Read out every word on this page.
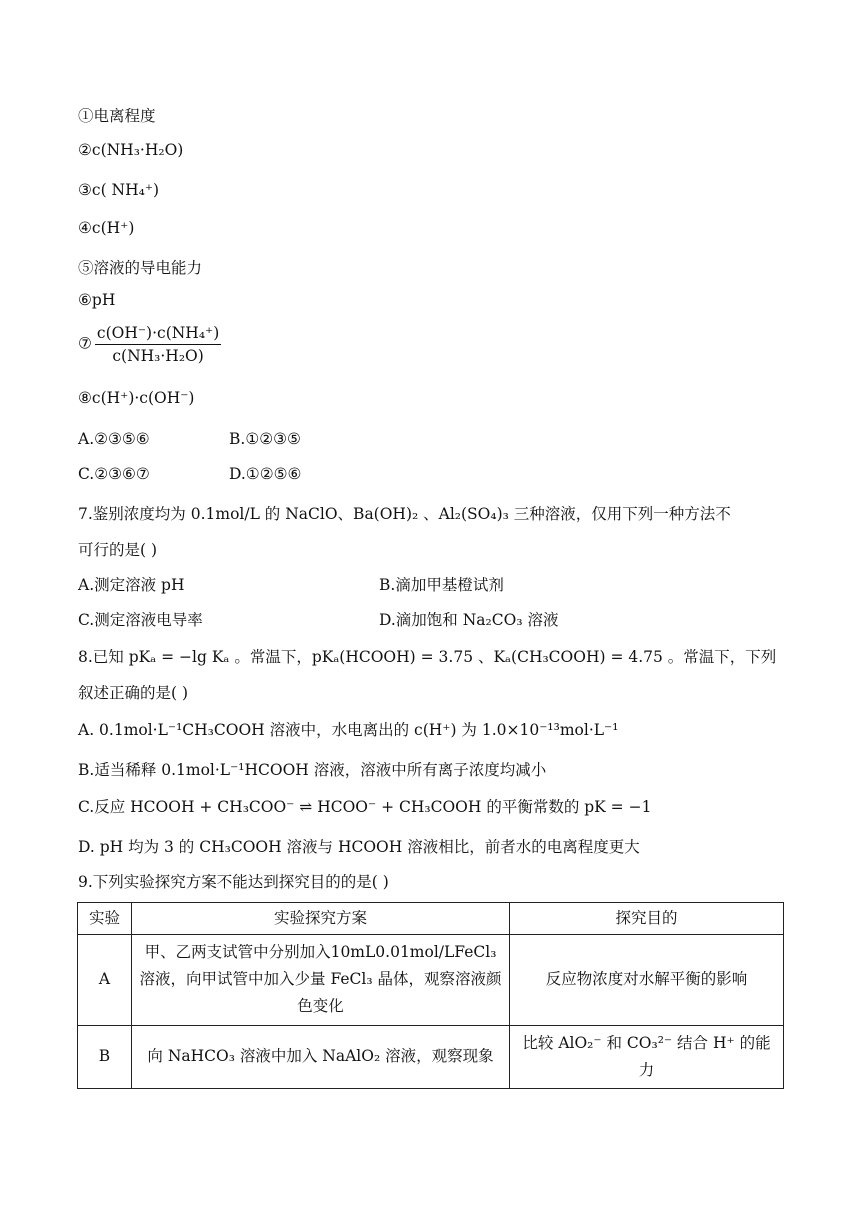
①电离程度
②c(NH₃·H₂O)
③c( NH₄⁺)
④c(H⁺)
⑤溶液的导电能力
⑥pH
⑦ $\frac{\text{c(OH⁻)·c(NH₄⁺)}}{\text{c(NH₃·H₂O)}}$
⑧c(H⁺)·c(OH⁻)
A.②③⑤⑥	B.①②③⑤
C.②③⑥⑦	D.①②⑤⑥
7.鉴别浓度均为 0.1mol/L 的 NaClO、Ba(OH)₂ 、Al₂(SO₄)₃ 三种溶液，仅用下列一种方法不
可行的是( )
A.测定溶液 pH	B.滴加甲基橙试剂
C.测定溶液电导率	D.滴加饱和 Na₂CO₃ 溶液
8.已知 pKₐ = −lg Kₐ 。常温下，pKₐ(HCOOH) = 3.75 、Kₐ(CH₃COOH) = 4.75 。常温下，下列
叙述正确的是( )
A. 0.1mol·L⁻¹CH₃COOH 溶液中，水电离出的 c(H⁺) 为 1.0×10⁻¹³mol·L⁻¹
B.适当稀释 0.1mol·L⁻¹HCOOH 溶液，溶液中所有离子浓度均减小
C.反应 HCOOH + CH₃COO⁻ ⇌ HCOO⁻ + CH₃COOH 的平衡常数的 pK = −1
D. pH 均为 3 的 CH₃COOH 溶液与 HCOOH 溶液相比，前者水的电离程度更大
9.下列实验探究方案不能达到探究目的的是( )
实验	实验探究方案	探究目的
A	甲、乙两支试管中分别加入10mL0.01mol/LFeCl₃溶液，向甲试管中加入少量 FeCl₃ 晶体，观察溶液颜色变化	反应物浓度对水解平衡的影响
B	向 NaHCO₃ 溶液中加入 NaAlO₂ 溶液，观察现象	比较 AlO₂⁻ 和 CO₃²⁻ 结合 H⁺ 的能力
